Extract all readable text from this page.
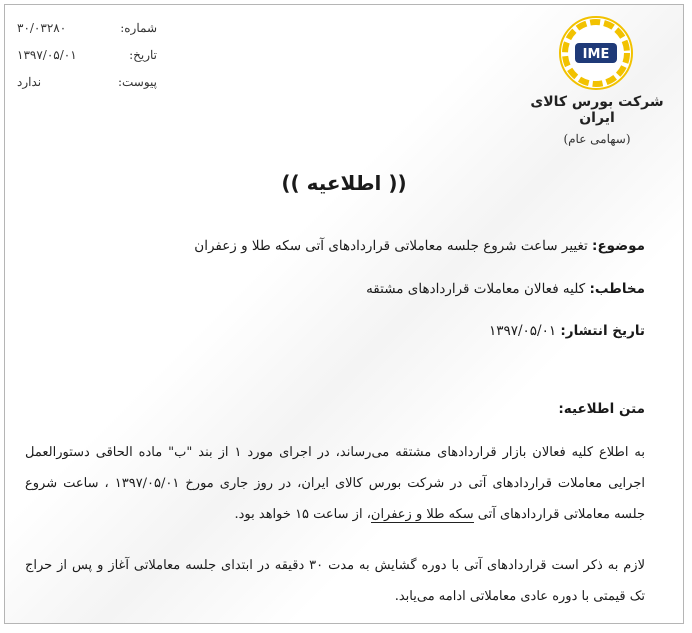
شماره:
۳۰/۰۳۲۸۰
تاریخ:
۱۳۹۷/۰۵/۰۱
پیوست:
ندارد
IME
شرکت بورس کالای ایران
(سهامی عام)
(( اطلاعیه ))
موضوع: تغییر ساعت شروع جلسه معاملاتی قراردادهای آتی سکه طلا و زعفران
مخاطب: کلیه فعالان معاملات قراردادهای مشتقه
تاریخ انتشار: ۱۳۹۷/۰۵/۰۱
متن اطلاعیه:
به اطلاع کلیه فعالان بازار قراردادهای مشتقه می‌رساند، در اجرای مورد ۱ از بند "ب" ماده الحاقی دستورالعمل اجرایی معاملات قراردادهای آتی در شرکت بورس کالای ایران، در روز جاری مورخ ۱۳۹۷/۰۵/۰۱ ، ساعت شروع جلسه معاملاتی قراردادهای آتی سکه طلا و زعفران، از ساعت ۱۵ خواهد بود.
لازم به ذکر است قراردادهای آتی با دوره گشایش به مدت ۳۰ دقیقه در ابتدای جلسه معاملاتی آغاز و پس از حراج تک قیمتی با دوره عادی معاملاتی ادامه می‌یابد.
